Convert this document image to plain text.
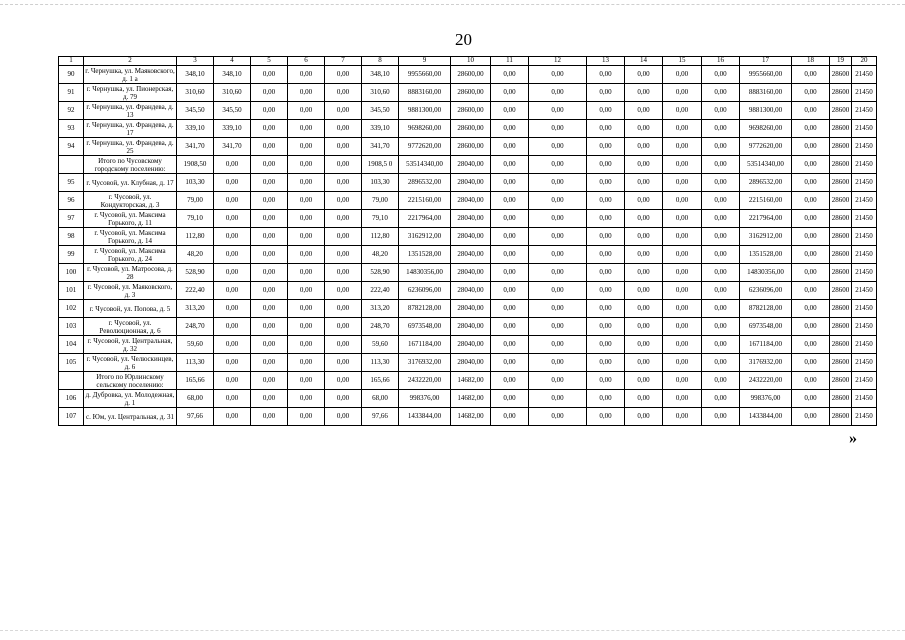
20
1	2	3	4	5	6	7	8	9	10	11	12	13	14	15	16	17	18	19	20
90	г. Чернушка, ул. Маяковского, д. 1 а	348,10	348,10	0,00	0,00	0,00	348,10	9955660,00	28600,00	0,00	0,00	0,00	0,00	0,00	0,00	9955660,00	0,00	28600	21450
91	г. Чернушка, ул. Пионерская, д. 79	310,60	310,60	0,00	0,00	0,00	310,60	8883160,00	28600,00	0,00	0,00	0,00	0,00	0,00	0,00	8883160,00	0,00	28600	21450
92	г. Чернушка, ул. Франдева, д. 13	345,50	345,50	0,00	0,00	0,00	345,50	9881300,00	28600,00	0,00	0,00	0,00	0,00	0,00	0,00	9881300,00	0,00	28600	21450
93	г. Чернушка, ул. Франдева, д. 17	339,10	339,10	0,00	0,00	0,00	339,10	9698260,00	28600,00	0,00	0,00	0,00	0,00	0,00	0,00	9698260,00	0,00	28600	21450
94	г. Чернушка, ул. Франдева, д. 25	341,70	341,70	0,00	0,00	0,00	341,70	9772620,00	28600,00	0,00	0,00	0,00	0,00	0,00	0,00	9772620,00	0,00	28600	21450
	Итого по Чусовскому городскому поселению:	1908,50	0,00	0,00	0,00	0,00	1908,5 0	53514340,00	28040,00	0,00	0,00	0,00	0,00	0,00	0,00	53514340,00	0,00	28600	21450
95	г. Чусовой, ул. Клубная, д. 17	103,30	0,00	0,00	0,00	0,00	103,30	2896532,00	28040,00	0,00	0,00	0,00	0,00	0,00	0,00	2896532,00	0,00	28600	21450
96	г. Чусовой, ул. Кондукторская, д. 3	79,00	0,00	0,00	0,00	0,00	79,00	2215160,00	28040,00	0,00	0,00	0,00	0,00	0,00	0,00	2215160,00	0,00	28600	21450
97	г. Чусовой, ул. Максима Горького, д. 11	79,10	0,00	0,00	0,00	0,00	79,10	2217964,00	28040,00	0,00	0,00	0,00	0,00	0,00	0,00	2217964,00	0,00	28600	21450
98	г. Чусовой, ул. Максима Горького, д. 14	112,80	0,00	0,00	0,00	0,00	112,80	3162912,00	28040,00	0,00	0,00	0,00	0,00	0,00	0,00	3162912,00	0,00	28600	21450
99	г. Чусовой, ул. Максима Горького, д. 24	48,20	0,00	0,00	0,00	0,00	48,20	1351528,00	28040,00	0,00	0,00	0,00	0,00	0,00	0,00	1351528,00	0,00	28600	21450
100	г. Чусовой, ул. Матросова, д. 28	528,90	0,00	0,00	0,00	0,00	528,90	14830356,00	28040,00	0,00	0,00	0,00	0,00	0,00	0,00	14830356,00	0,00	28600	21450
101	г. Чусовой, ул. Маяковского, д. 3	222,40	0,00	0,00	0,00	0,00	222,40	6236096,00	28040,00	0,00	0,00	0,00	0,00	0,00	0,00	6236096,00	0,00	28600	21450
102	г. Чусовой, ул. Попова, д. 5	313,20	0,00	0,00	0,00	0,00	313,20	8782128,00	28040,00	0,00	0,00	0,00	0,00	0,00	0,00	8782128,00	0,00	28600	21450
103	г. Чусовой, ул. Революционная, д. 6	248,70	0,00	0,00	0,00	0,00	248,70	6973548,00	28040,00	0,00	0,00	0,00	0,00	0,00	0,00	6973548,00	0,00	28600	21450
104	г. Чусовой, ул. Центральная, д. 32	59,60	0,00	0,00	0,00	0,00	59,60	1671184,00	28040,00	0,00	0,00	0,00	0,00	0,00	0,00	1671184,00	0,00	28600	21450
105	г. Чусовой, ул. Челюскинцев, д. 6	113,30	0,00	0,00	0,00	0,00	113,30	3176932,00	28040,00	0,00	0,00	0,00	0,00	0,00	0,00	3176932,00	0,00	28600	21450
	Итого по Юрлинскому сельскому поселению:	165,66	0,00	0,00	0,00	0,00	165,66	2432220,00	14682,00	0,00	0,00	0,00	0,00	0,00	0,00	2432220,00	0,00	28600	21450
106	д. Дубровка, ул. Молодежная, д. 1	68,00	0,00	0,00	0,00	0,00	68,00	998376,00	14682,00	0,00	0,00	0,00	0,00	0,00	0,00	998376,00	0,00	28600	21450
107	с. Юм, ул. Центральная, д. 31	97,66	0,00	0,00	0,00	0,00	97,66	1433844,00	14682,00	0,00	0,00	0,00	0,00	0,00	0,00	1433844,00	0,00	28600	21450
»
